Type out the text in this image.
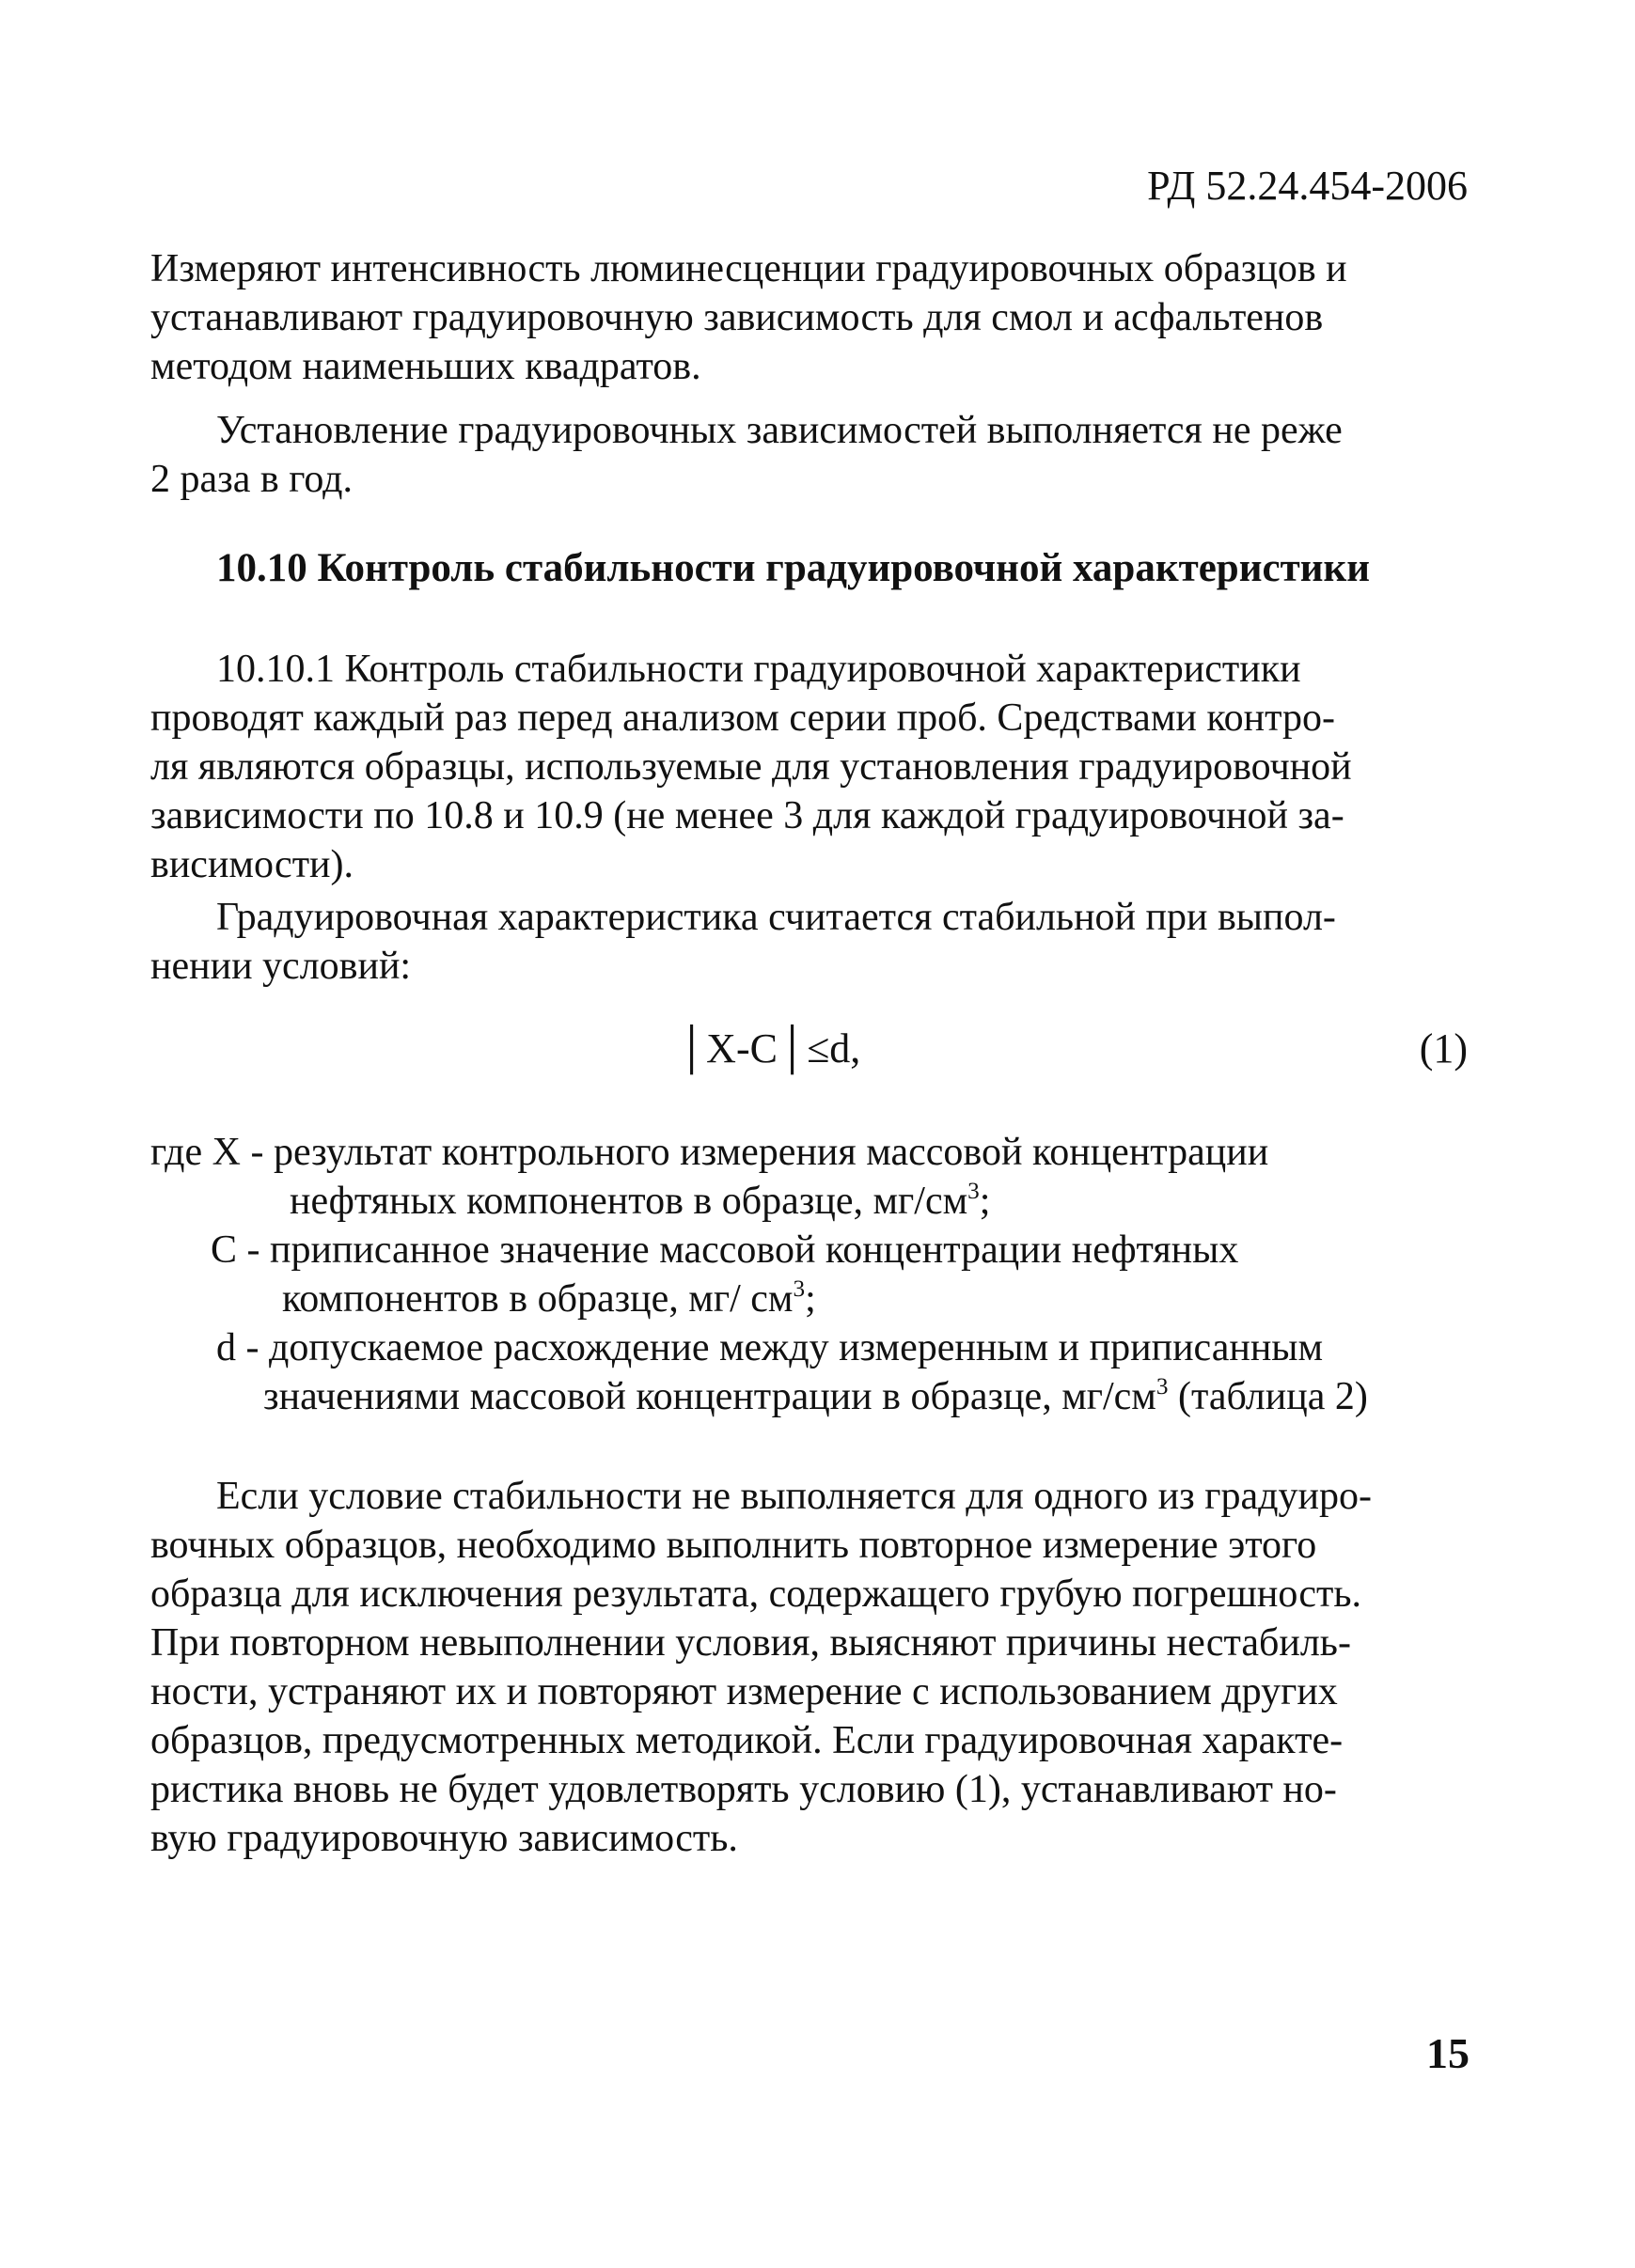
РД 52.24.454-2006
Измеряют интенсивность люминесценции градуировочных образцов и
устанавливают градуировочную зависимость для смол и асфальтенов
методом наименьших квадратов.
Установление градуировочных зависимостей выполняется не реже
2 раза в год.
10.10 Контроль стабильности градуировочной характеристики
10.10.1 Контроль стабильности градуировочной характеристики
проводят каждый раз перед анализом серии проб. Средствами контро-
ля являются образцы, используемые для установления градуировочной
зависимости по 10.8 и 10.9 (не менее 3 для каждой градуировочной за-
висимости).
Градуировочная характеристика считается стабильной при выпол-
нении условий:
│X-C│≤d,	(1)
где X - результат контрольного измерения массовой концентрации
нефтяных компонентов в образце, $мг/см^3$;
C - приписанное значение массовой концентрации нефтяных
компонентов в образце, мг/ $см^3$;
d - допускаемое расхождение между измеренным и приписанным
значениями массовой концентрации в образце, $мг/см^3$ (таблица 2)
Если условие стабильности не выполняется для одного из градуиро-
вочных образцов, необходимо выполнить повторное измерение этого
образца для исключения результата, содержащего грубую погрешность.
При повторном невыполнении условия, выясняют причины нестабиль-
ности, устраняют их и повторяют измерение с использованием других
образцов, предусмотренных методикой. Если градуировочная характе-
ристика вновь не будет удовлетворять условию (1), устанавливают но-
вую градуировочную зависимость.
15
